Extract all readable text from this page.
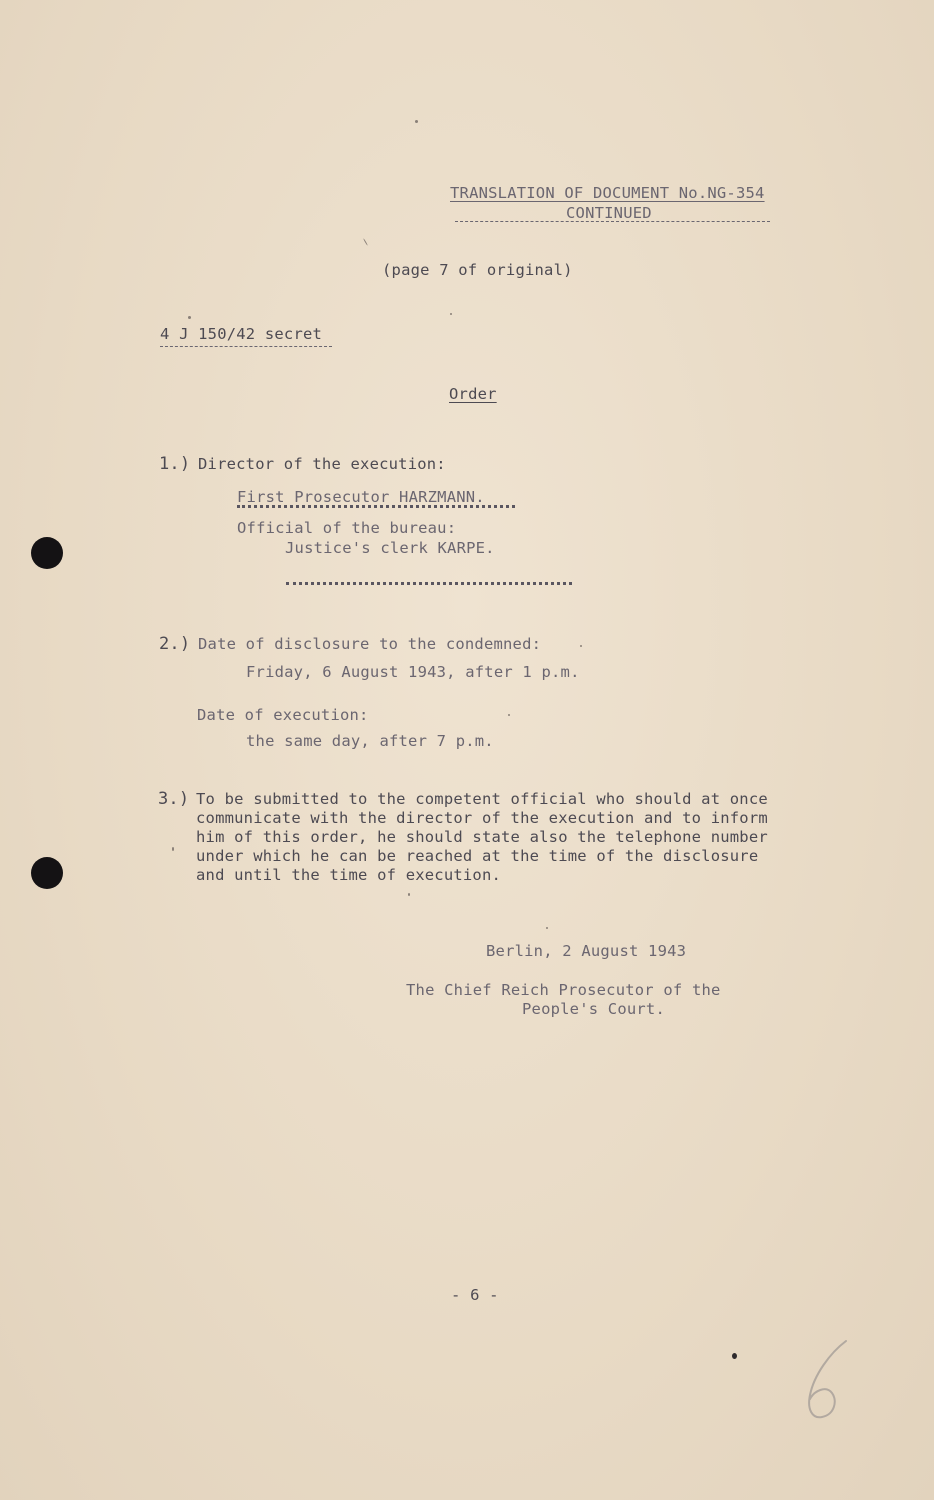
TRANSLATION OF DOCUMENT No.NG-354
CONTINUED
(page 7 of original)
4 J 150/42 secret
Order
1.) Director of the execution:
First Prosecutor HARZMANN.
Official of the bureau:
Justice's clerk KARPE.
2.) Date of disclosure to the condemned:
Friday, 6 August 1943, after 1 p.m.
Date of execution:
the same day, after 7 p.m.
3.) To be submitted to the competent official who should at once
communicate with the director of the execution and to inform
him of this order, he should state also the telephone number
under which he can be reached at the time of the disclosure
and until the time of execution.
Berlin, 2 August 1943
The Chief Reich Prosecutor of the
People's Court.
- 6 -
